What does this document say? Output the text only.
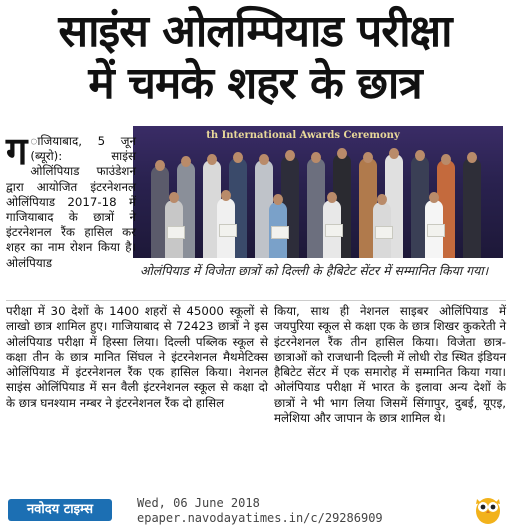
साइंस ओलम्पियाड परीक्षा
में चमके शहर के छात्र
th International Awards Ceremony
ओलंपियाड में विजेता छात्रों को दिल्ली के हैबिटेट सेंटर में सम्मानित किया गया।
ग ाजियाबाद, 5 जून (ब्यूरो): साइंस ओलिंपियाड फाउंडेशन द्वारा आयोजित इंटरनेशनल ओलिंपियाड 2017-18 में गाजियाबाद के छात्रों ने इंटरनेशनल रैंक हासिल कर शहर का नाम रोशन किया है। ओलंपियाड
परीक्षा में 30 देशों के 1400 शहरों से 45000 स्कूलों से लाखो छात्र शामिल हुए। गाजियाबाद से 72423 छात्रों ने इस ओलंपियाड परीक्षा में हिस्सा लिया। दिल्ली पब्लिक स्कूल से कक्षा तीन के छात्र मानित सिंघल ने इंटरनेशनल मैथमेटिक्स ओलिंपियाड में इंटरनेशनल रैंक एक हासिल किया। नेशनल साइंस ओलिंपियाड में सन वैली इंटरनेशनल स्कूल से कक्षा दो के छात्र घनश्याम नम्बर ने इंटरनेशनल रैंक दो हासिल
किया, साथ ही नेशनल साइबर ओलिंपियाड में जयपुरिया स्कूल से कक्षा एक के छात्र शिखर कुकरेती ने इंटरनेशनल रैंक तीन हासिल किया। विजेता छात्र-छात्राओं को राजधानी दिल्ली में लोधी रोड स्थित इंडियन हैबिटेट सेंटर में एक समारोह में सम्मानित किया गया। ओलंपियाड परीक्षा में भारत के इलावा अन्य देशों के छात्रों ने भी भाग लिया जिसमें सिंगापुर, दुबई, यूएइ, मलेशिया और जापान के छात्र शामिल थे।
नवोदय टाइम्स	Wed, 06 June 2018
epaper.navodayatimes.in/c/29286909
